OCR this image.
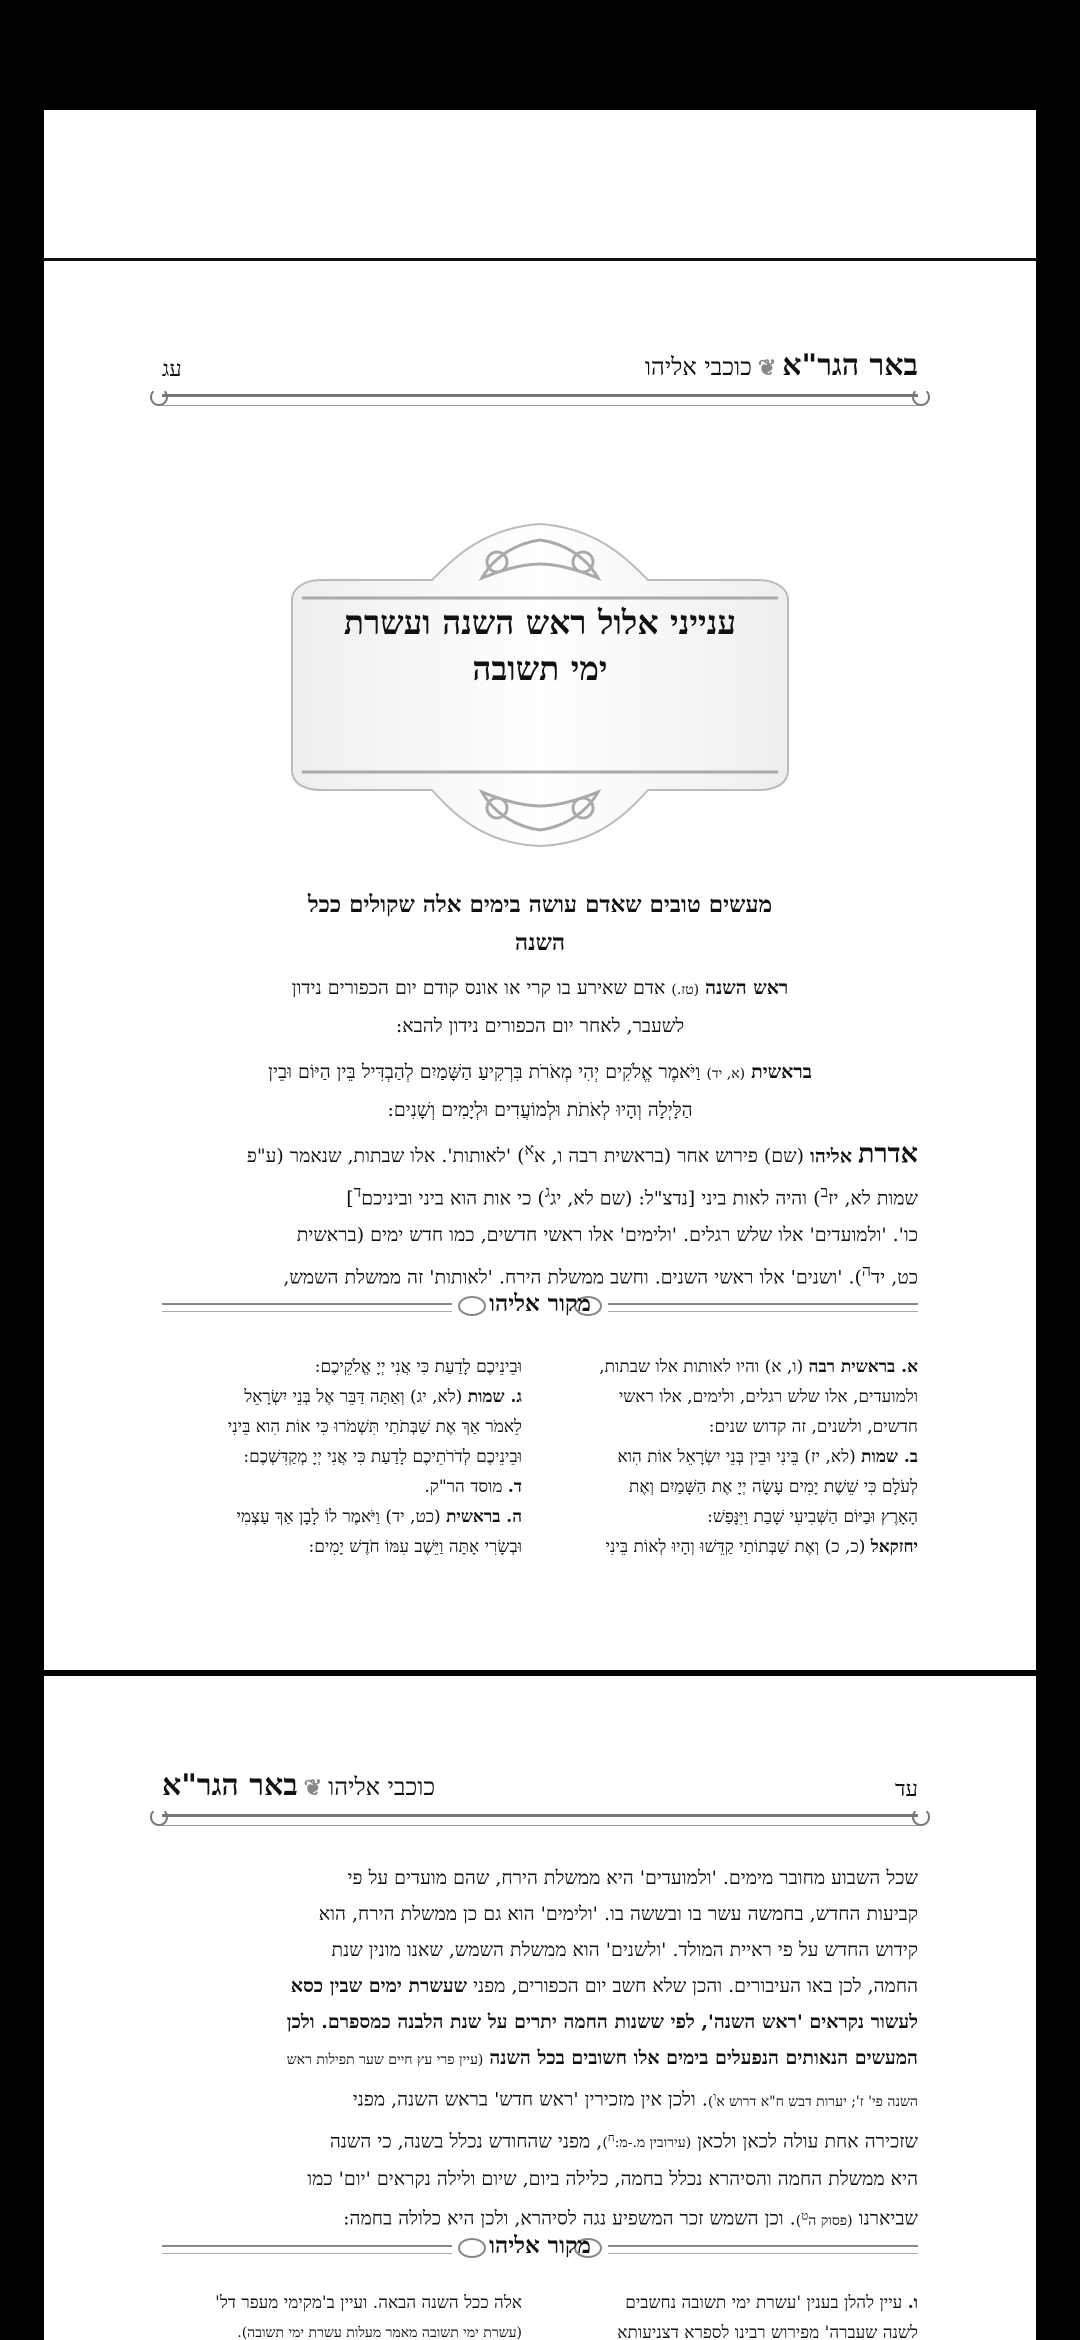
באר הגר"א❦כוכבי אליהו
עג
ענייני אלול ראש השנה ועשרת
ימי תשובה
מעשים טובים שאדם עושה בימים אלה שקולים ככל
השנה
ראש השנה (טז.) אדם שאירע בו קרי או אונס קודם יום הכפורים נידון
לשעבר, לאחר יום הכפורים נידון להבא:
בראשית (א, יד) וַיֹּאמֶר אֱלֹקִים יְהִי מְאֹרֹת בִּרְקִיעַ הַשָּׁמַיִם לְהַבְדִּיל בֵּין הַיּוֹם וּבֵין
הַלָּיְלָה וְהָיוּ לְאֹתֹת וּלְמוֹעֲדִים וּלְיָמִים וְשָׁנִים:
אדרת אליהו (שם) פירוש אחר (בראשית רבה ו, א$^א$) 'לאותות'. אלו שבתות, שנאמר (ע"פ
שמות לא, יז$^ב$) והיה לאות ביני [נדצ"ל: (שם לא, יג$^ג$) כי אות הוא ביני וביניכם$^ד$]
כו'. 'ולמועדים' אלו שלש רגלים. 'ולימים' אלו ראשי חדשים, כמו חדש ימים (בראשית
כט, יד$^ה$). 'ושנים' אלו ראשי השנים. וחשב ממשלת הירח. 'לאותות' זה ממשלת השמש,
מקור אליהו
א. בראשית רבה (ו, א) והיו לאותות אלו שבתות,
ולמועדים, אלו שלש רגלים, ולימים, אלו ראשי
חדשים, ולשנים, זה קדוש שנים:
ב. שמות (לא, יז) בֵּינִי וּבֵין בְּנֵי יִשְׂרָאֵל אוֹת הִוא
לְעֹלָם כִּי שֵׁשֶׁת יָמִים עָשָׂה יְיָ אֶת הַשָּׁמַיִם וְאֶת
הָאָרֶץ וּבַיּוֹם הַשְּׁבִיעִי שָׁבַת וַיִּנָּפַשׁ:
יחזקאל (כ, כ) וְאֶת שַׁבְּתוֹתַי קַדֵּשׁוּ וְהָיוּ לְאוֹת בֵּינִי
וּבֵינֵיכֶם לָדַעַת כִּי אֲנִי יְיָ אֱלֹקֵיכֶם:
ג. שמות (לא, יג) וְאַתָּה דַּבֵּר אֶל בְּנֵי יִשְׂרָאֵל
לֵאמֹר אַךְ אֶת שַׁבְּתֹתַי תִּשְׁמֹרוּ כִּי אוֹת הִוא בֵּינִי
וּבֵינֵיכֶם לְדֹרֹתֵיכֶם לָדַעַת כִּי אֲנִי יְיָ מְקַדִּשְׁכֶם:
ד. מוסד הר"ק.
ה. בראשית (כט, יד) וַיֹּאמֶר לוֹ לָבָן אַךְ עַצְמִי
וּבְשָׂרִי אָתָּה וַיֵּשֶׁב עִמּוֹ חֹדֶשׁ יָמִים:
כוכבי אליהו❦באר הגר"א	עד
שכל השבוע מחובר מימים. 'ולמועדים' היא ממשלת הירח, שהם מועדים על פי
קביעות החדש, בחמשה עשר בו ובששה בו. 'ולימים' הוא גם כן ממשלת הירח, הוא
קידוש החדש על פי ראיית המולד. 'ולשנים' הוא ממשלת השמש, שאנו מונין שנת
החמה, לכן באו העיבורים. והכן שלא חשב יום הכפורים, מפני שעשרת ימים שבין כסא
לעשור נקראים 'ראש השנה', לפי ששנות החמה יתרים על שנת הלבנה כמספרם. ולכן
המעשים הנאותים הנפעלים בימים אלו חשובים בכל השנה (עיין פרי עץ חיים שער תפילות ראש
השנה פי' ז'; יערות דבש ח"א דרוש א$^ו$). ולכן אין מזכירין 'ראש חדש' בראש השנה, מפני
שזכירה אחת עולה לכאן ולכאן (עירובין מ.-מ:$^ח$), מפני שהחודש נכלל בשנה, כי השנה
היא ממשלת החמה והסיהרא נכלל בחמה, כלילה ביום, שיום ולילה נקראים 'יום' כמו
שביארנו (פסוק ה$^ט$). וכן השמש זכר המשפיע נגה לסיהרא, ולכן היא כלולה בחמה:
מקור אליהו
ו. עיין להלן בענין 'עשרת ימי תשובה נחשבים
לשנה שעברה' מפירוש רבינו לספרא דצניעותא
אלה ככל השנה הבאה. ועיין ב'מקימי מעפר דל'
(עשרת ימי תשובה מאמר מעלות עשרת ימי תשובה).
